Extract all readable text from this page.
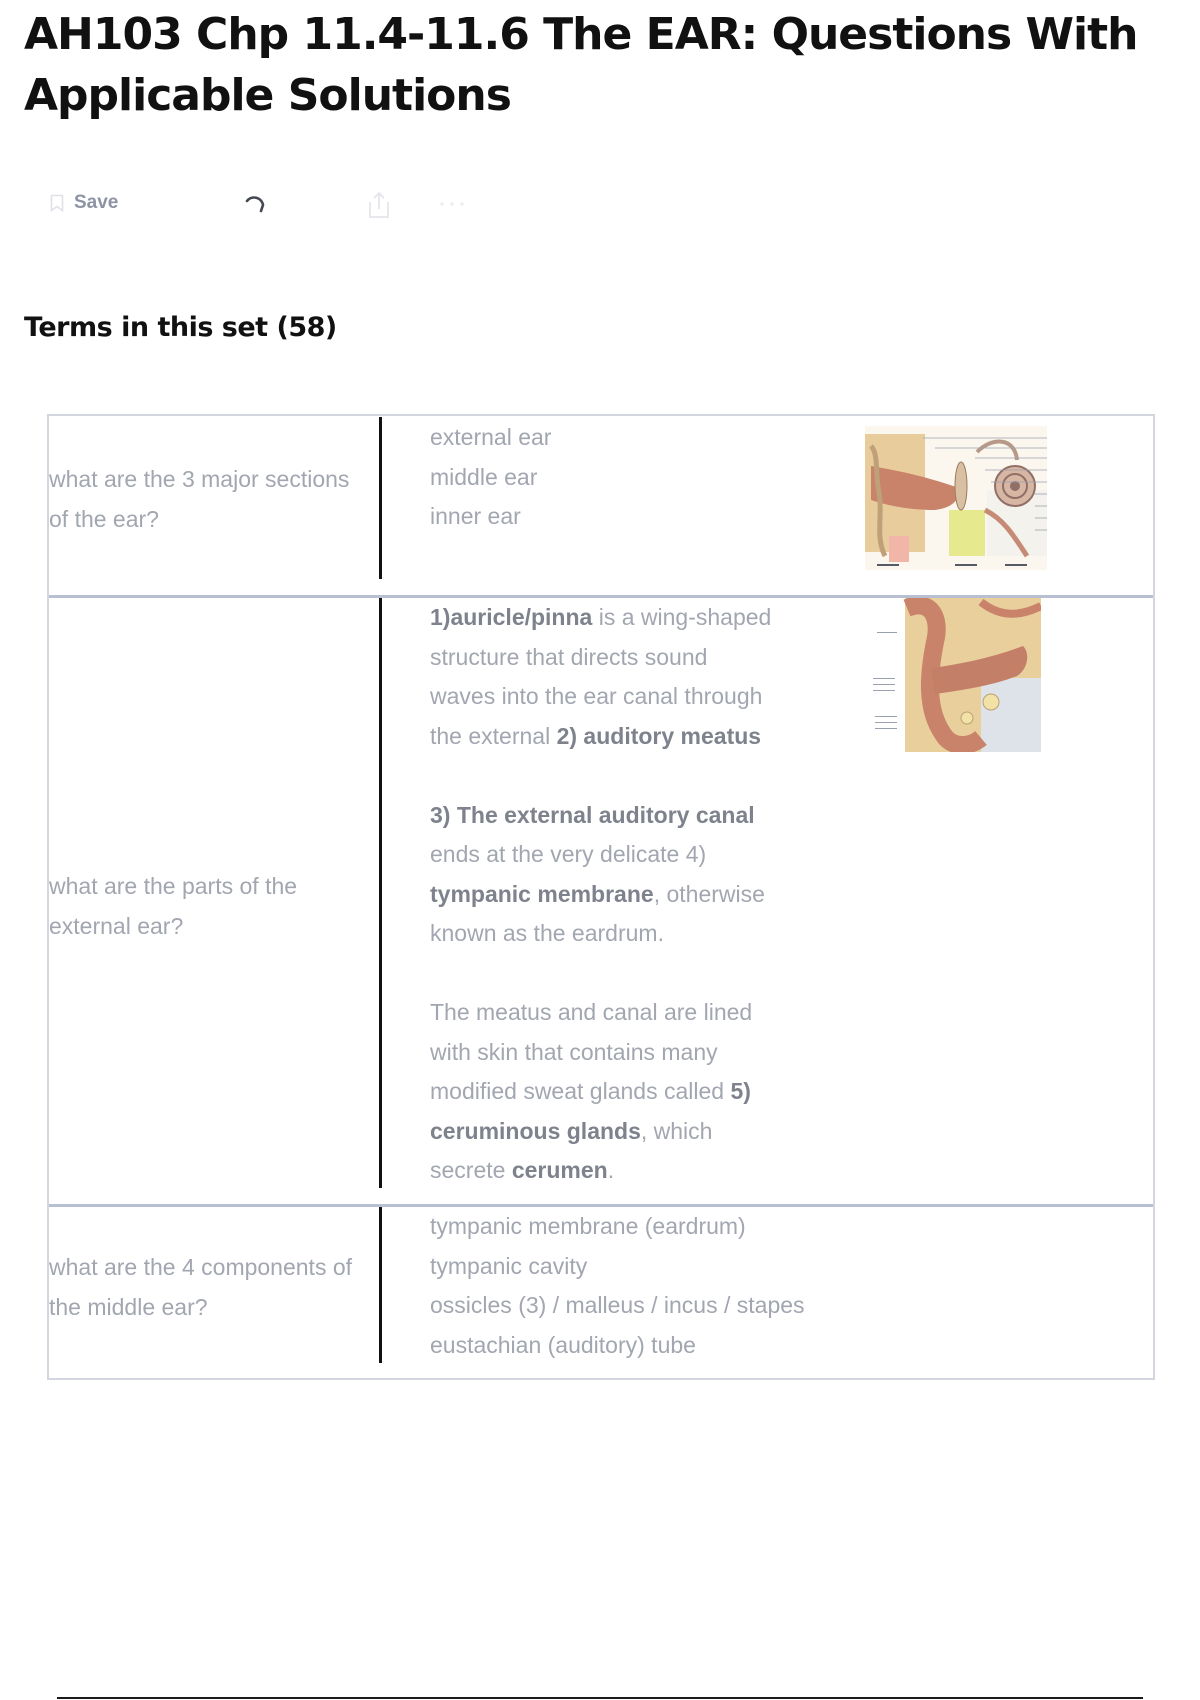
AH103 Chp 11.4-11.6 The EAR: Questions With Applicable Solutions
Save
Terms in this set (58)
what are the 3 major sections of the ear?
external ear
middle ear
inner ear
what are the parts of the external ear?
1)auricle/pinna is a wing-shaped
structure that directs sound
waves into the ear canal through
the external 2) auditory meatus
3) The external auditory canal
ends at the very delicate 4)
tympanic membrane, otherwise
known as the eardrum.
The meatus and canal are lined
with skin that contains many
modified sweat glands called 5)
ceruminous glands, which
secrete cerumen.
what are the 4 components of the middle ear?
tympanic membrane (eardrum)
tympanic cavity
ossicles (3) / malleus / incus / stapes
eustachian (auditory) tube
